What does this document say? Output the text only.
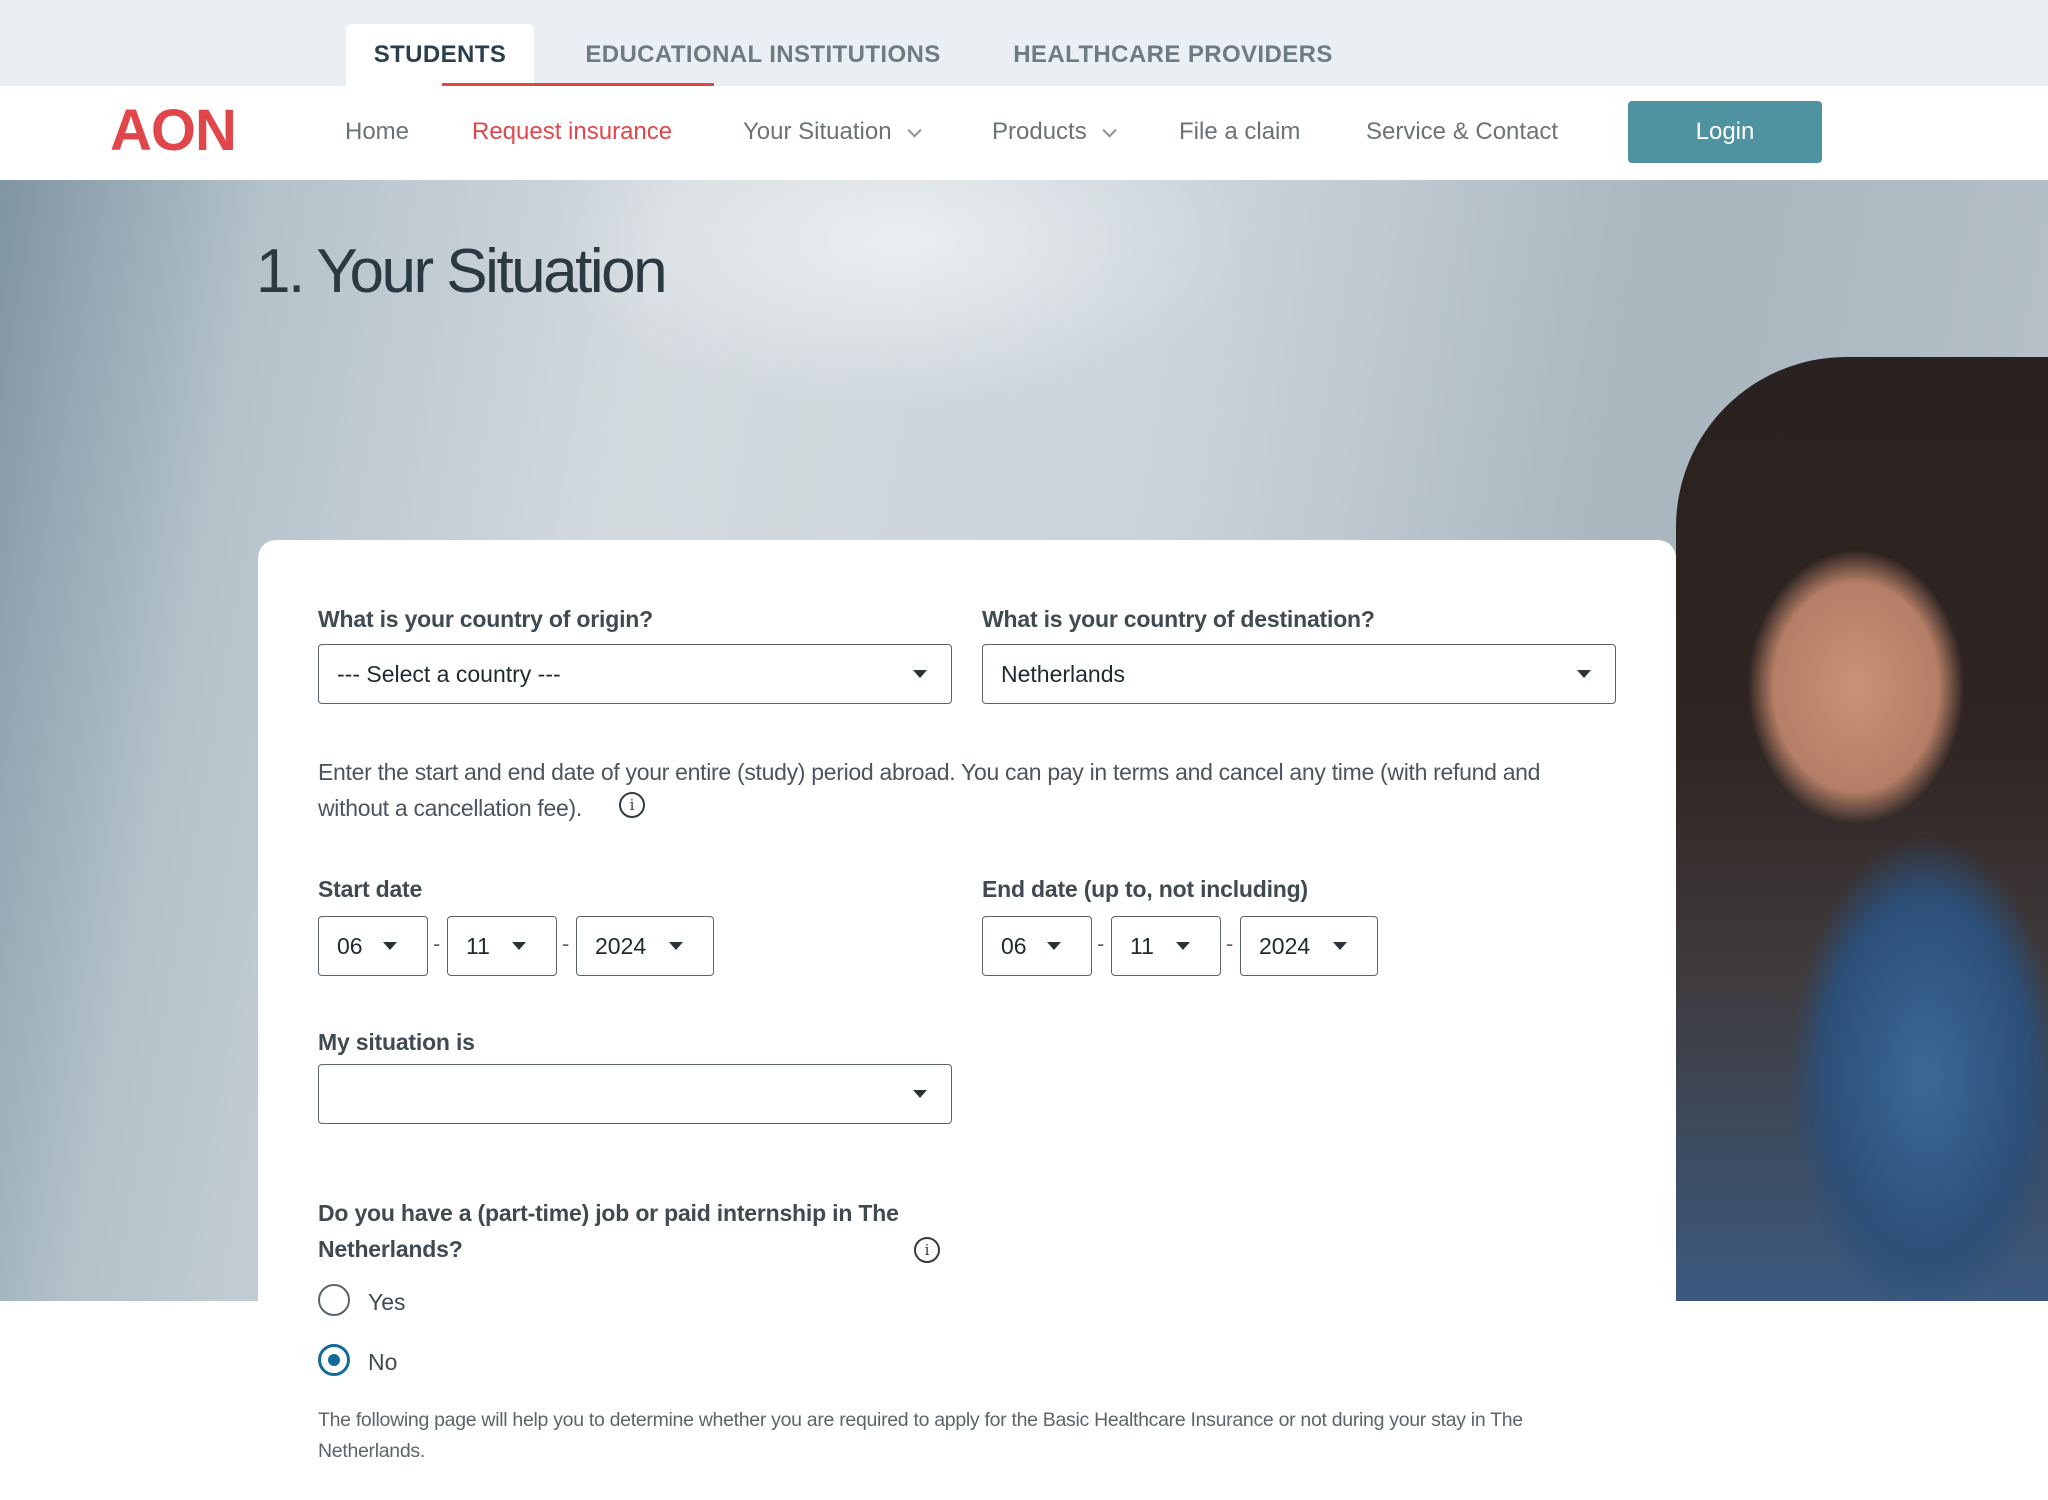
STUDENTS	EDUCATIONAL INSTITUTIONS	HEALTHCARE PROVIDERS
AON	Home	Request insurance	Your Situation	Products	File a claim	Service & Contact	Login
1. Your Situation
What is your country of origin?
--- Select a country ---
What is your country of destination?
Netherlands
Enter the start and end date of your entire (study) period abroad. You can pay in terms and cancel any time (with refund and
without a cancellation fee).	i
Start date
06	- 11	- 2024
End date (up to, not including)
06	- 11	- 2024
My situation is
Do you have a (part-time) job or paid internship in The
Netherlands?	i
Yes
No
The following page will help you to determine whether you are required to apply for the Basic Healthcare Insurance or not during your stay in The
Netherlands.
